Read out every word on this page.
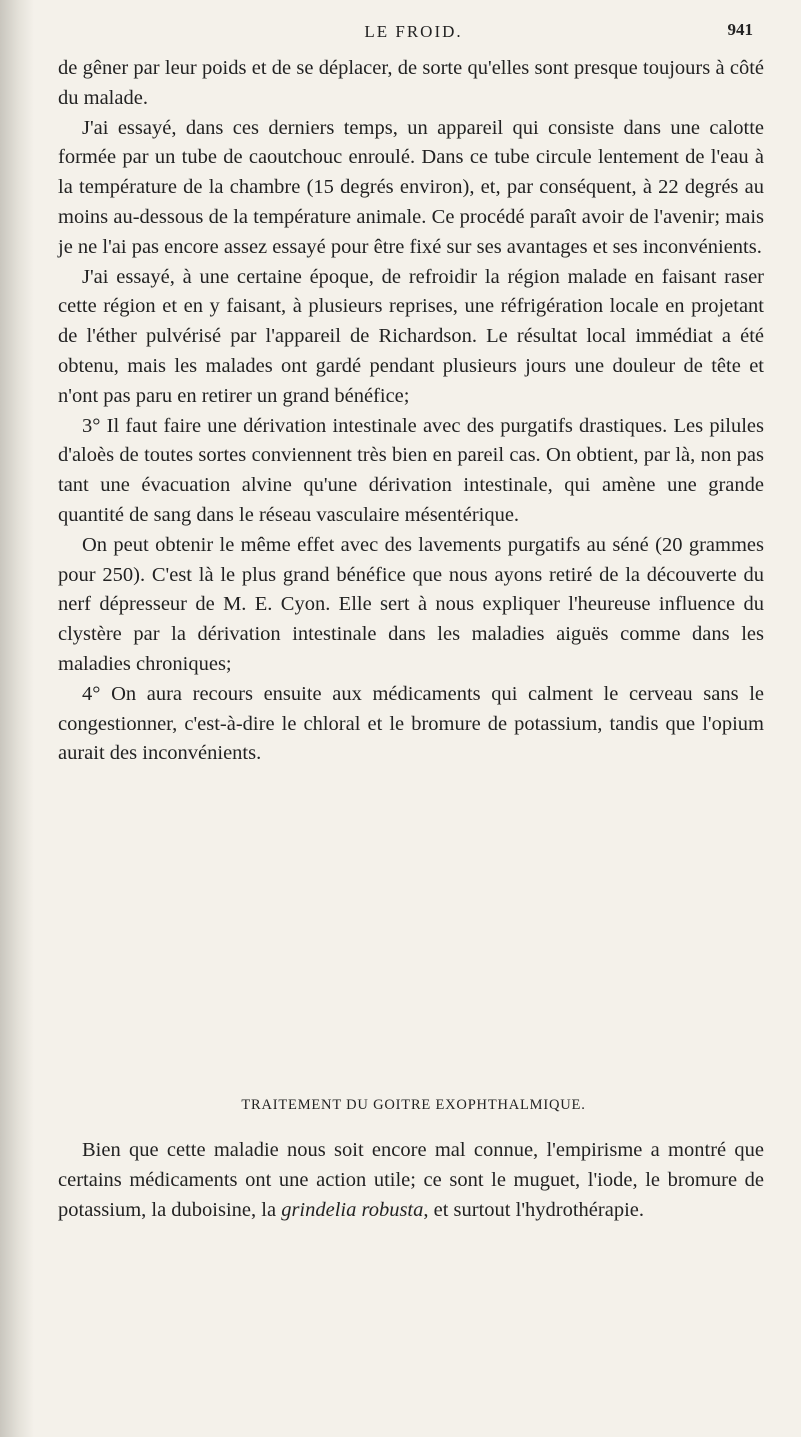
LE FROID.	941

de gêner par leur poids et de se déplacer, de sorte qu'elles sont presque toujours à côté du malade.

J'ai essayé, dans ces derniers temps, un appareil qui consiste dans une calotte formée par un tube de caoutchouc enroulé. Dans ce tube circule lentement de l'eau à la température de la chambre (15 degrés environ), et, par conséquent, à 22 degrés au moins au-dessous de la température animale. Ce procédé paraît avoir de l'avenir; mais je ne l'ai pas encore assez essayé pour être fixé sur ses avantages et ses inconvénients.

J'ai essayé, à une certaine époque, de refroidir la région malade en faisant raser cette région et en y faisant, à plusieurs reprises, une réfrigération locale en projetant de l'éther pulvérisé par l'appareil de Richardson. Le résultat local immédiat a été obtenu, mais les malades ont gardé pendant plusieurs jours une douleur de tête et n'ont pas paru en retirer un grand bénéfice;

3° Il faut faire une dérivation intestinale avec des purgatifs drastiques. Les pilules d'aloès de toutes sortes conviennent très bien en pareil cas. On obtient, par là, non pas tant une évacuation alvine qu'une dérivation intestinale, qui amène une grande quantité de sang dans le réseau vasculaire mésentérique.

On peut obtenir le même effet avec des lavements purgatifs au séné (20 grammes pour 250). C'est là le plus grand bénéfice que nous ayons retiré de la découverte du nerf dépresseur de M. E. Cyon. Elle sert à nous expliquer l'heureuse influence du clystère par la dérivation intestinale dans les maladies aiguës comme dans les maladies chroniques;

4° On aura recours ensuite aux médicaments qui calment le cerveau sans le congestionner, c'est-à-dire le chloral et le bromure de potassium, tandis que l'opium aurait des inconvénients.

TRAITEMENT DU GOITRE EXOPHTHALMIQUE.

Bien que cette maladie nous soit encore mal connue, l'empirisme a montré que certains médicaments ont une action utile; ce sont le muguet, l'iode, le bromure de potassium, la duboisine, la grindelia robusta, et surtout l'hydrothérapie.
